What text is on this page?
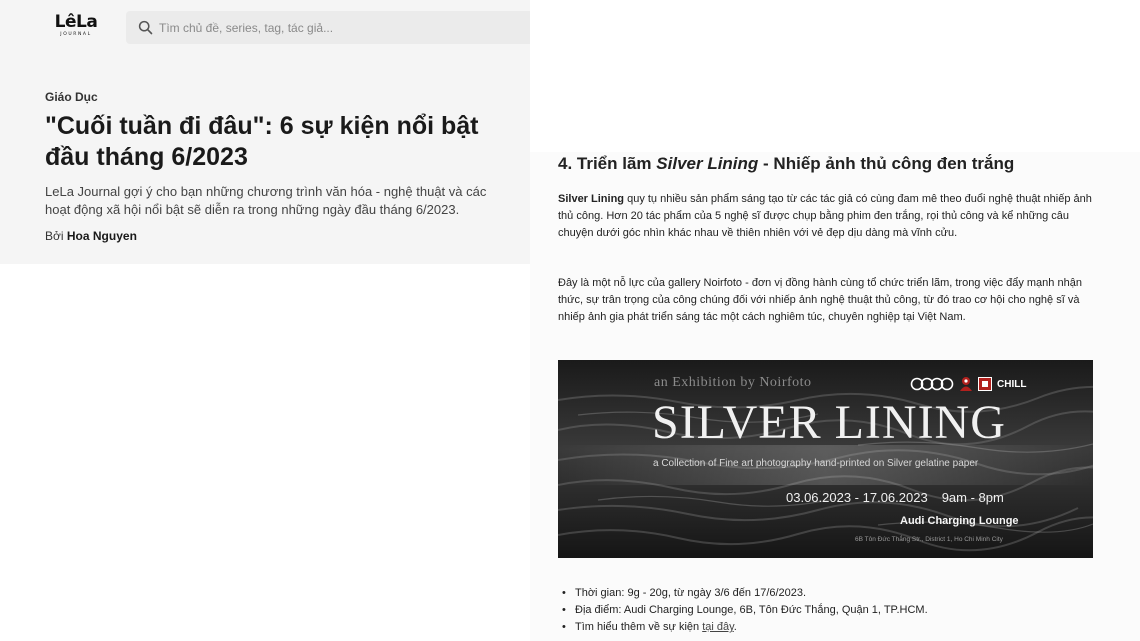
LêLa
JOURNAL
Tìm chủ đề, series, tag, tác giả...
Giáo Dục
"Cuối tuần đi đâu": 6 sự kiện nổi bật đầu tháng 6/2023

LeLa Journal gợi ý cho bạn những chương trình văn hóa - nghệ thuật và các hoạt động xã hội nổi bật sẽ diễn ra trong những ngày đầu tháng 6/2023.

Bởi Hoa Nguyen
4. Triển lãm Silver Lining - Nhiếp ảnh thủ công đen trắng

Silver Lining quy tụ nhiều sản phẩm sáng tạo từ các tác giả có cùng đam mê theo đuổi nghệ thuật nhiếp ảnh thủ công. Hơn 20 tác phẩm của 5 nghệ sĩ được chụp bằng phim đen trắng, rọi thủ công và kể những câu chuyện dưới góc nhìn khác nhau về thiên nhiên với vẻ đẹp dịu dàng mà vĩnh cửu.

Đây là một nỗ lực của gallery Noirfoto - đơn vị đồng hành cùng tổ chức triển lãm, trong việc đẩy mạnh nhận thức, sự trân trọng của công chúng đối với nhiếp ảnh nghệ thuật thủ công, từ đó trao cơ hội cho nghệ sĩ và nhiếp ảnh gia phát triển sáng tác một cách nghiêm túc, chuyên nghiệp tại Việt Nam.

an Exhibition by Noirfoto	CHILL
SILVER LINING
a Collection of Fine art photography hand-printed on Silver gelatine paper
03.06.2023 - 17.06.2023 9am - 8pm
Audi Charging Lounge
6B Tôn Đức Thắng Str., District 1, Ho Chi Minh City
• Thời gian: 9g - 20g, từ ngày 3/6 đến 17/6/2023.
• Địa điểm: Audi Charging Lounge, 6B, Tôn Đức Thắng, Quận 1, TP.HCM.
• Tìm hiểu thêm về sự kiện tại đây.
